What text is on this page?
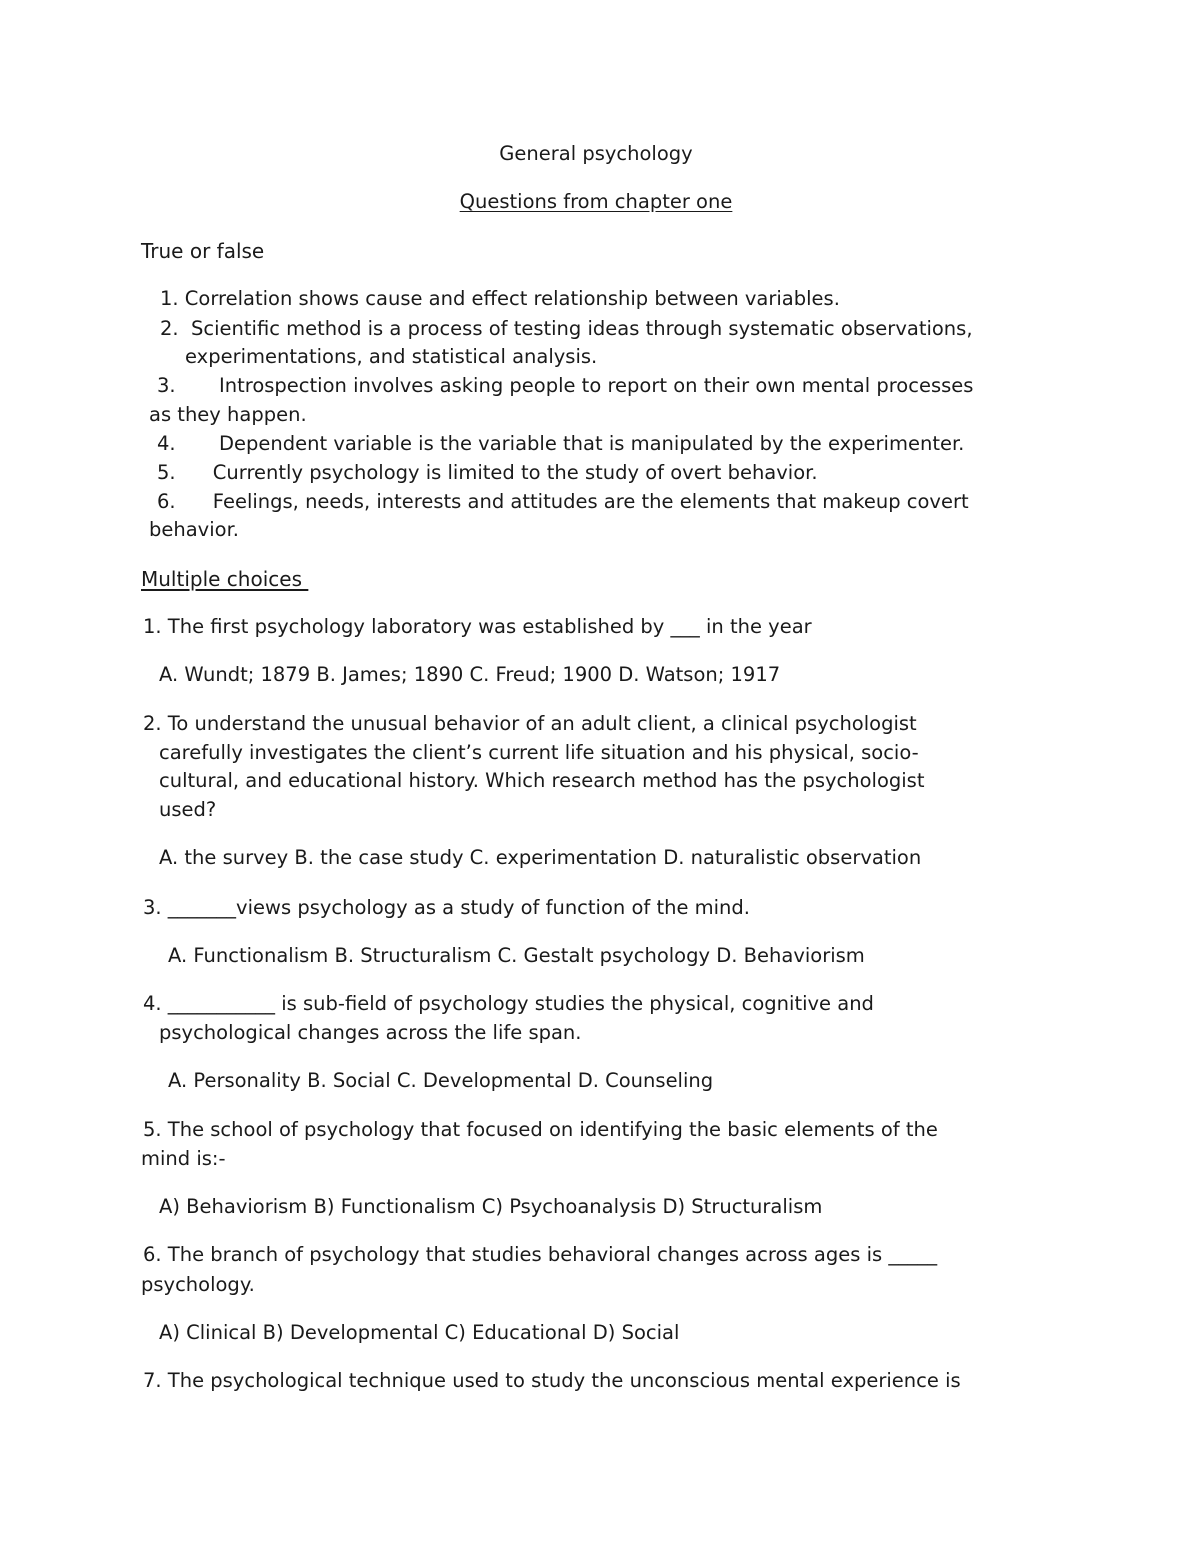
General psychology
Questions from chapter one
True or false
1. Correlation shows cause and effect relationship between variables.
2.  Scientific method is a process of testing ideas through systematic observations,
experimentations, and statistical analysis.
3.       Introspection involves asking people to report on their own mental processes
as they happen.
4.       Dependent variable is the variable that is manipulated by the experimenter.
5.      Currently psychology is limited to the study of overt behavior.
6.      Feelings, needs, interests and attitudes are the elements that makeup covert
behavior.
Multiple choices
1. The first psychology laboratory was established by ___ in the year
A. Wundt; 1879 B. James; 1890 C. Freud; 1900 D. Watson; 1917
2. To understand the unusual behavior of an adult client, a clinical psychologist
carefully investigates the client’s current life situation and his physical, socio-
cultural, and educational history. Which research method has the psychologist
used?
A. the survey B. the case study C. experimentation D. naturalistic observation
3. _______views psychology as a study of function of the mind.
A. Functionalism B. Structuralism C. Gestalt psychology D. Behaviorism
4. ___________ is sub-field of psychology studies the physical, cognitive and
psychological changes across the life span.
A. Personality B. Social C. Developmental D. Counseling
5. The school of psychology that focused on identifying the basic elements of the
mind is:-
A) Behaviorism B) Functionalism C) Psychoanalysis D) Structuralism
6. The branch of psychology that studies behavioral changes across ages is _____
psychology.
A) Clinical B) Developmental C) Educational D) Social
7. The psychological technique used to study the unconscious mental experience is
